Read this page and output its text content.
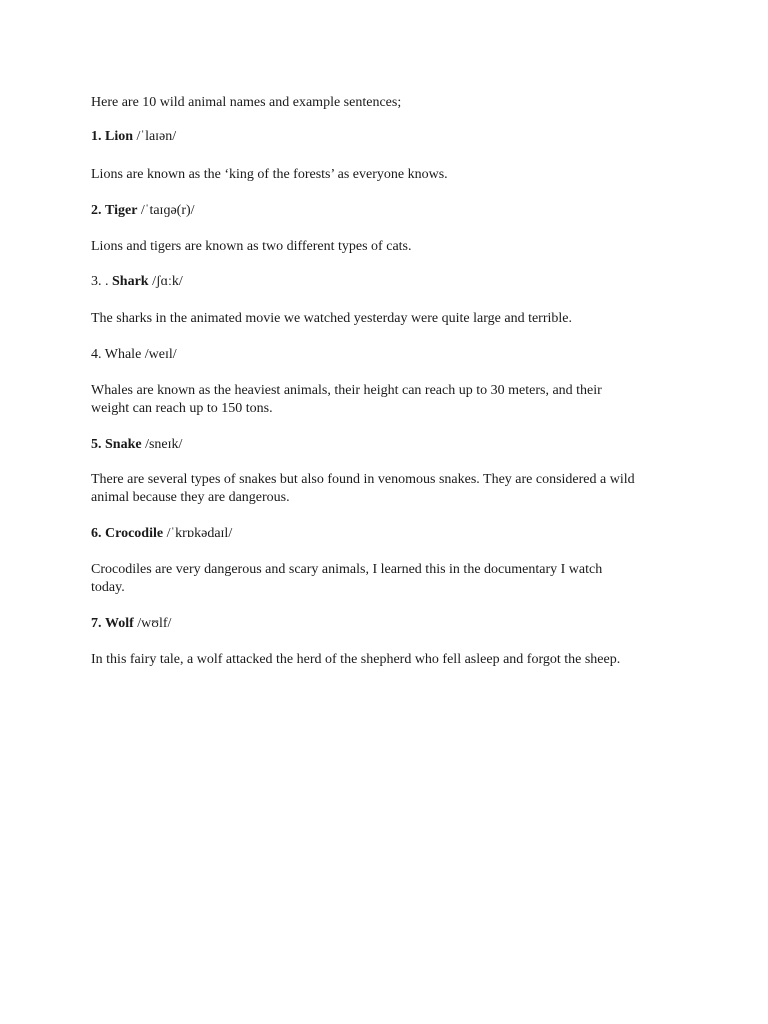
Here are 10 wild animal names and example sentences;
1. Lion /ˈlaɪən/
Lions are known as the ‘king of the forests’ as everyone knows.
2. Tiger /ˈtaɪɡə(r)/
Lions and tigers are known as two different types of cats.
3. . Shark /ʃɑːk/
The sharks in the animated movie we watched yesterday were quite large and terrible.
4. Whale /weɪl/
Whales are known as the heaviest animals, their height can reach up to 30 meters, and their
weight can reach up to 150 tons.
5. Snake /sneɪk/
There are several types of snakes but also found in venomous snakes. They are considered a wild
animal because they are dangerous.
6. Crocodile /ˈkrɒkədaɪl/
Crocodiles are very dangerous and scary animals, I learned this in the documentary I watch
today.
7. Wolf /wʊlf/
In this fairy tale, a wolf attacked the herd of the shepherd who fell asleep and forgot the sheep.
